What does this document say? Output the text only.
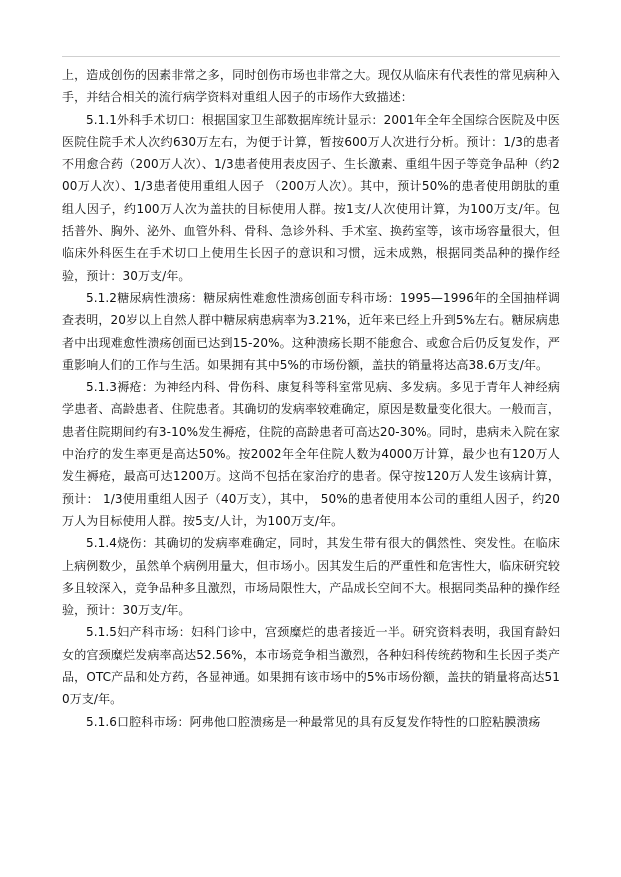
上，造成创伤的因素非常之多，同时创伤市场也非常之大。现仅从临床有代表性的常见病种入手，并结合相关的流行病学资料对重组人因子的市场作大致描述：

5.1.1外科手术切口：根据国家卫生部数据库统计显示：2001年全年全国综合医院及中医医院住院手术人次约630万左右，为便于计算，暂按600万人次进行分析。预计：1/3的患者不用愈合药（200万人次）、1/3患者使用表皮因子、生长激素、重组牛因子等竞争品种（约200万人次）、1/3患者使用重组人因子 （200万人次）。其中，预计50%的患者使用朗肽的重组人因子，约100万人次为盖扶的目标使用人群。按1支/人次使用计算，为100万支/年。包括普外、胸外、泌外、血管外科、骨科、急诊外科、手术室、换药室等，该市场容量很大，但临床外科医生在手术切口上使用生长因子的意识和习惯，远未成熟，根据同类品种的操作经验，预计：30万支/年。

5.1.2糖尿病性溃疡：糖尿病性难愈性溃疡创面专科市场：1995—1996年的全国抽样调查表明，20岁以上自然人群中糖尿病患病率为3.21%，近年来已经上升到5%左右。糖尿病患者中出现难愈性溃疡创面已达到15-20%。这种溃疡长期不能愈合、或愈合后仍反复发作，严重影响人们的工作与生活。如果拥有其中5%的市场份额，盖扶的销量将达高38.6万支/年。

5.1.3褥疮：为神经内科、骨伤科、康复科等科室常见病、多发病。多见于青年人神经病学患者、高龄患者、住院患者。其确切的发病率较难确定，原因是数量变化很大。一般而言，患者住院期间约有3-10%发生褥疮，住院的高龄患者可高达20-30%。同时，患病未入院在家中治疗的发生率更是高达50%。按2002年全年住院人数为4000万计算，最少也有120万人发生褥疮，最高可达1200万。这尚不包括在家治疗的患者。保守按120万人发生该病计算，预计： 1/3使用重组人因子（40万支），其中， 50%的患者使用本公司的重组人因子，约20万人为目标使用人群。按5支/人计，为100万支/年。

5.1.4烧伤：其确切的发病率难确定，同时，其发生带有很大的偶然性、突发性。在临床上病例数少，虽然单个病例用量大，但市场小。因其发生后的严重性和危害性大，临床研究较多且较深入，竞争品种多且激烈，市场局限性大，产品成长空间不大。根据同类品种的操作经验，预计：30万支/年。

5.1.5妇产科市场：妇科门诊中，宫颈糜烂的患者接近一半。研究资料表明，我国育龄妇女的宫颈糜烂发病率高达52.56%，本市场竞争相当激烈，各种妇科传统药物和生长因子类产品，OTC产品和处方药，各显神通。如果拥有该市场中的5%市场份额，盖扶的销量将高达510万支/年。

5.1.6口腔科市场：阿弗他口腔溃疡是一种最常见的具有反复发作特性的口腔粘膜溃疡
